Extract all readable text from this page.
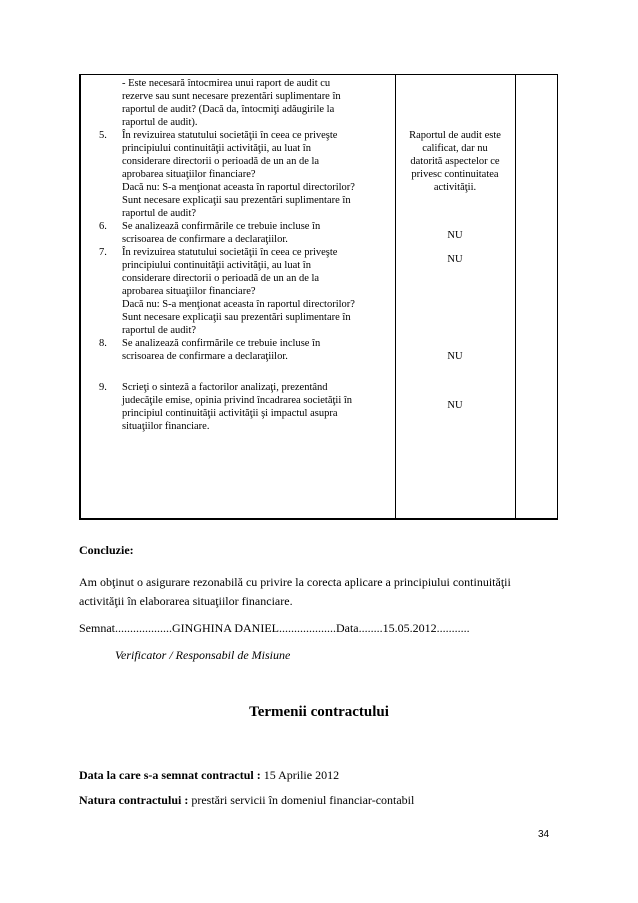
- Este necesară întocmirea unui raport de audit cu
rezerve sau sunt necesare prezentări suplimentare în
raportul de audit? (Dacă da, întocmiţi adăugirile la
raportul de audit).
În revizuirea statutului societăţii în ceea ce priveşte
principiului continuităţii activităţii, au luat în
considerare directorii o perioadă de un an de la
aprobarea situaţiilor financiare?
Dacă nu: S-a menţionat aceasta în raportul directorilor?
Sunt necesare explicaţii sau prezentări suplimentare în
raportul de audit?
Se analizează confirmările ce trebuie incluse în
scrisoarea de confirmare a declaraţiilor.
În revizuirea statutului societăţii în ceea ce priveşte
principiului continuităţii activităţii, au luat în
considerare directorii o perioadă de un an de la
aprobarea situaţiilor financiare?
Dacă nu: S-a menţionat aceasta în raportul directorilor?
Sunt necesare explicaţii sau prezentări suplimentare în
raportul de audit?
Se analizează confirmările ce trebuie incluse în
scrisoarea de confirmare a declaraţiilor.
Scrieţi o sinteză a factorilor analizaţi, prezentând
judecăţile emise, opinia privind încadrarea societăţii în
principiul continuităţii activităţii şi impactul asupra
situaţiilor financiare.
5.
6.
7.
8.
9.
Raportul de audit este
calificat, dar nu
datorită aspectelor ce
privesc continuitatea
activităţii.
NU
NU
NU
NU
Concluzie:
Am obţinut o asigurare rezonabilă cu privire la corecta aplicare a principiului continuităţii
activităţii în elaborarea situaţiilor financiare.
Semnat...................GINGHINA DANIEL...................Data........15.05.2012...........
Verificator / Responsabil de Misiune
Termenii contractului
Data la care s-a semnat contractul : 15 Aprilie 2012
Natura contractului : prestări servicii în domeniul financiar-contabil
34
